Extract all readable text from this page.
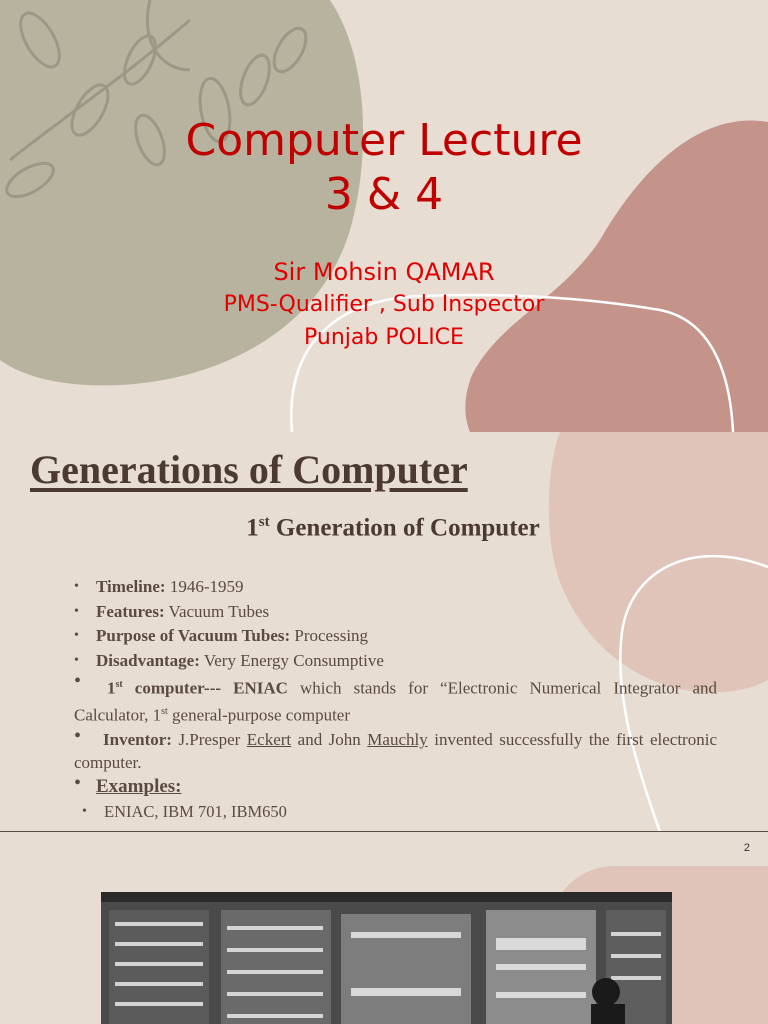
Computer Lecture
3 & 4
Sir Mohsin QAMAR
PMS-Qualifier , Sub Inspector
Punjab POLICE
Generations of Computer
1st Generation of Computer
• Timeline: 1946-1959
• Features: Vacuum Tubes
• Purpose of Vacuum Tubes: Processing
• Disadvantage: Very Energy Consumptive
• 1st computer--- ENIAC which stands for “Electronic Numerical Integrator and Calculator, 1st general-purpose computer
• Inventor: J.Presper Eckert and John Mauchly invented successfully the first electronic computer.
• Examples:
• ENIAC, IBM 701, IBM650
2
